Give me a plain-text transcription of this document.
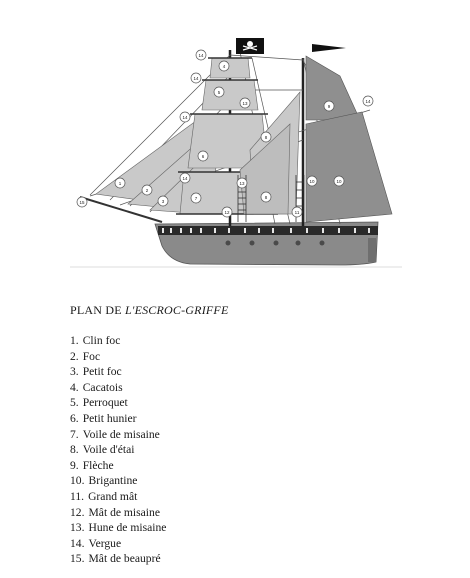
1
2
3
4
5
6
7	8
9
10
11
12
13
14
15
14
14
8
13	10
14
14
PLAN DE L'ESCROC-GRIFFE
1. Clin foc
2. Foc
3. Petit foc
4. Cacatois
5. Perroquet
6. Petit hunier
7. Voile de misaine
8. Voile d'étai
9. Flèche
10. Brigantine
11. Grand mât
12. Mât de misaine
13. Hune de misaine
14. Vergue
15. Mât de beaupré
